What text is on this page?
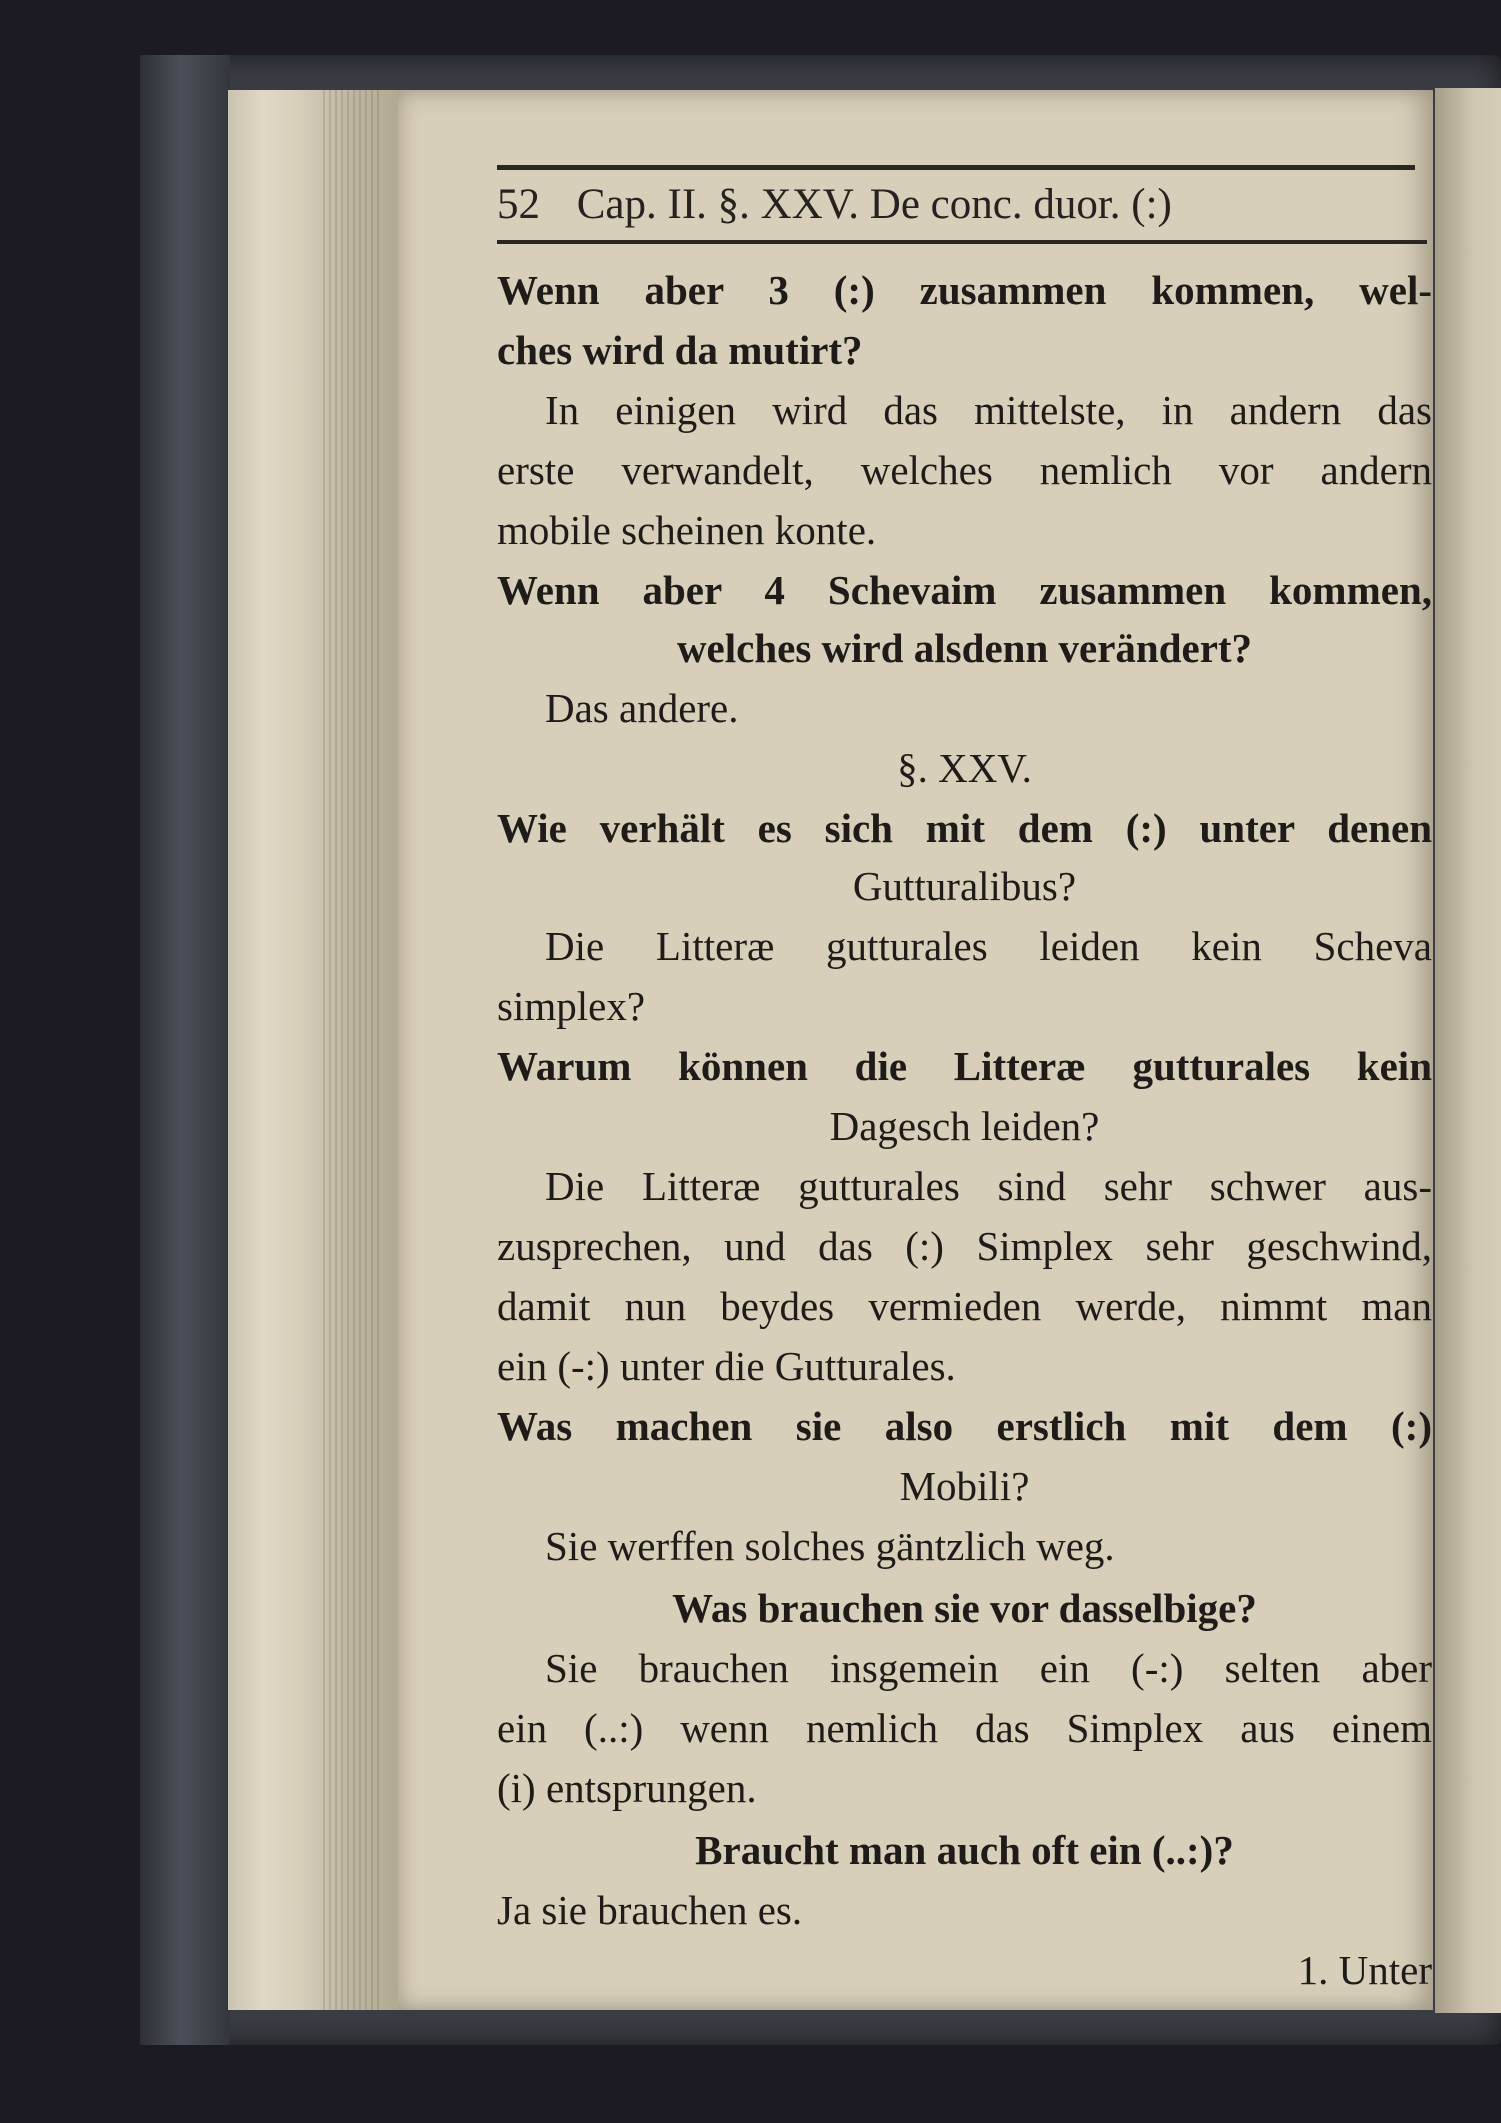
52 Cap. II. §. XXV. De conc. duor. (:)
Wenn aber 3 (:) zusammen kommen, wel-
ches wird da mutirt?
In einigen wird das mittelste, in andern das
erste verwandelt, welches nemlich vor andern
mobile scheinen konte.
Wenn aber 4 Schevaim zusammen kommen,
welches wird alsdenn verändert?
Das andere.
§. XXV.
Wie verhält es sich mit dem (:) unter denen
Gutturalibus?
Die Litteræ gutturales leiden kein Scheva
simplex?
Warum können die Litteræ gutturales kein
Dagesch leiden?
Die Litteræ gutturales sind sehr schwer aus-
zusprechen, und das (:) Simplex sehr geschwind,
damit nun beydes vermieden werde, nimmt man
ein (-:) unter die Gutturales.
Was machen sie also erstlich mit dem (:)
Mobili?
Sie werffen solches gäntzlich weg.
Was brauchen sie vor dasselbige?
Sie brauchen insgemein ein (-:) selten aber
ein (..:) wenn nemlich das Simplex aus einem
(i) entsprungen.
Braucht man auch oft ein (..:)?
Ja sie brauchen es.
1. Unter
